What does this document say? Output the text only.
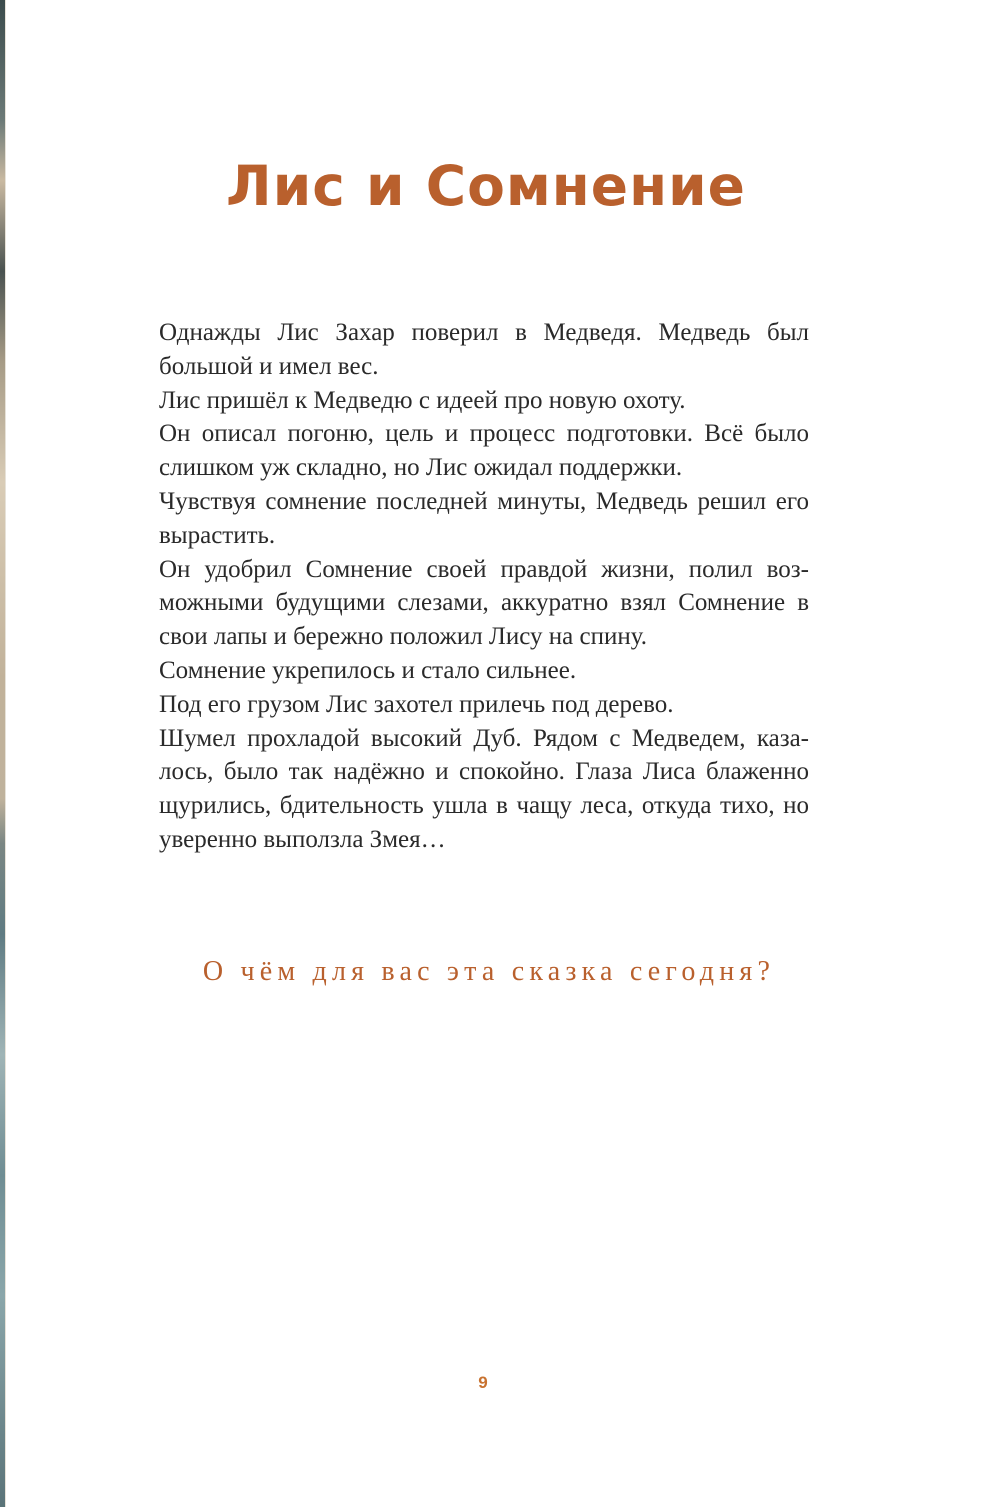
Лис и Сомнение

Однажды Лис Захар поверил в Медведя. Медведь был большой и имел вес.

Лис пришёл к Медведю с идеей про новую охоту.

Он описал погоню, цель и процесс подготовки. Всё было слишком уж складно, но Лис ожидал поддержки.

Чувствуя сомнение последней минуты, Медведь решил его вырастить.

Он удобрил Сомнение своей правдой жизни, полил возможными будущими слезами, аккуратно взял Сомнение в свои лапы и бережно положил Лису на спину.

Сомнение укрепилось и стало сильнее.

Под его грузом Лис захотел прилечь под дерево.

Шумел прохладой высокий Дуб. Рядом с Медведем, казалось, было так надёжно и спокойно. Глаза Лиса блаженно щурились, бдительность ушла в чащу леса, откуда тихо, но уверенно выползла Змея…

О чём для вас эта сказка сегодня?

9
